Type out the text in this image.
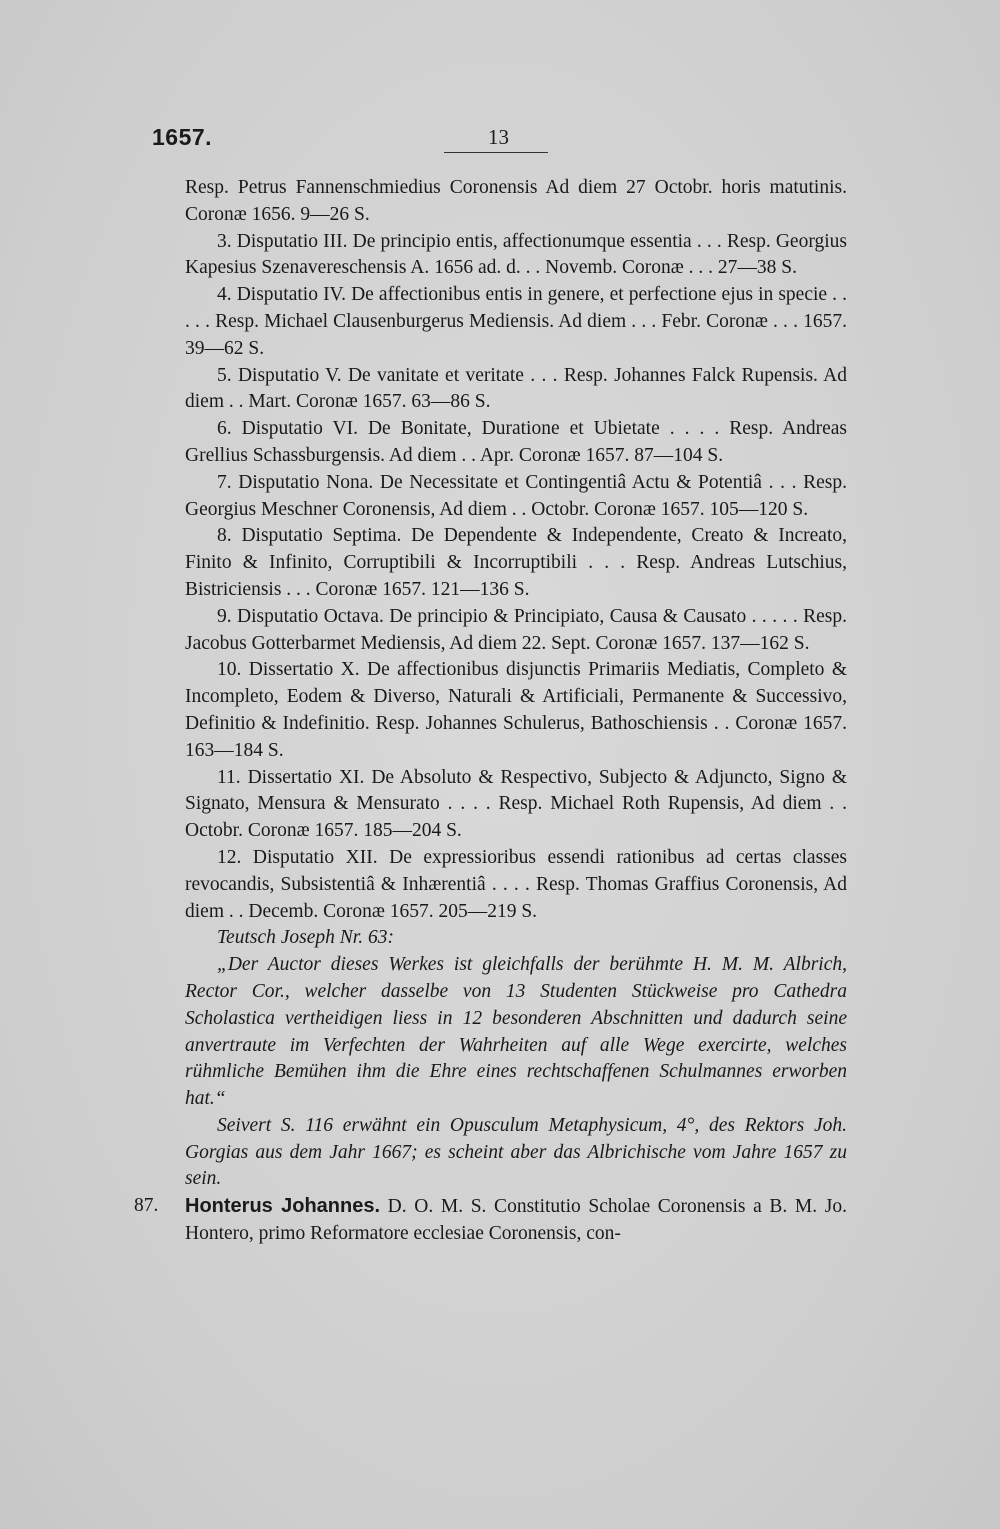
1657.	13

Resp. Petrus Fannenschmiedius Coronensis Ad diem 27 Octobr. horis matutinis. Coronæ 1656. 9—26 S.

3. Disputatio III. De principio entis, affectionumque essentia . . . Resp. Georgius Kapesius Szenavereschensis A. 1656 ad. d. . . Novemb. Coronæ . . . 27—38 S.

4. Disputatio IV. De affectionibus entis in genere, et perfectione ejus in specie . . . . . Resp. Michael Clausenburgerus Mediensis. Ad diem . . . Febr. Coronæ . . . 1657. 39—62 S.

5. Disputatio V. De vanitate et veritate . . . Resp. Johannes Falck Rupensis. Ad diem . . Mart. Coronæ 1657. 63—86 S.

6. Disputatio VI. De Bonitate, Duratione et Ubietate . . . . Resp. Andreas Grellius Schassburgensis. Ad diem . . Apr. Coronæ 1657. 87—104 S.

7. Disputatio Nona. De Necessitate et Contingentiâ Actu & Potentiâ . . . Resp. Georgius Meschner Coronensis, Ad diem . . Octobr. Coronæ 1657. 105—120 S.

8. Disputatio Septima. De Dependente & Independente, Creato & Increato, Finito & Infinito, Corruptibili & Incorruptibili . . . Resp. Andreas Lutschius, Bistriciensis . . . Coronæ 1657. 121—136 S.

9. Disputatio Octava. De principio & Principiato, Causa & Causato . . . . . Resp. Jacobus Gotterbarmet Mediensis, Ad diem 22. Sept. Coronæ 1657. 137—162 S.

10. Dissertatio X. De affectionibus disjunctis Primariis Mediatis, Completo & Incompleto, Eodem & Diverso, Naturali & Artificiali, Permanente & Successivo, Definitio & Indefinitio. Resp. Johannes Schulerus, Bathoschiensis . . Coronæ 1657. 163—184 S.

11. Dissertatio XI. De Absoluto & Respectivo, Subjecto & Adjuncto, Signo & Signato, Mensura & Mensurato . . . . Resp. Michael Roth Rupensis, Ad diem . . Octobr. Coronæ 1657. 185—204 S.

12. Disputatio XII. De expressioribus essendi rationibus ad certas classes revocandis, Subsistentiâ & Inhærentiâ . . . . Resp. Thomas Graffius Coronensis, Ad diem . . Decemb. Coronæ 1657. 205—219 S.

Teutsch Joseph Nr. 63:

„Der Auctor dieses Werkes ist gleichfalls der berühmte H. M. M. Albrich, Rector Cor., welcher dasselbe von 13 Studenten Stückweise pro Cathedra Scholastica vertheidigen liess in 12 besonderen Abschnitten und dadurch seine anvertraute im Verfechten der Wahrheiten auf alle Wege exercirte, welches rühmliche Bemühen ihm die Ehre eines rechtschaffenen Schulmannes erworben hat.“

Seivert S. 116 erwähnt ein Opusculum Metaphysicum, 4°, des Rektors Joh. Gorgias aus dem Jahr 1667; es scheint aber das Albrichische vom Jahre 1657 zu sein.

87. Honterus Johannes. D. O. M. S. Constitutio Scholae Coronensis a B. M. Jo. Hontero, primo Reformatore ecclesiae Coronensis, con-
